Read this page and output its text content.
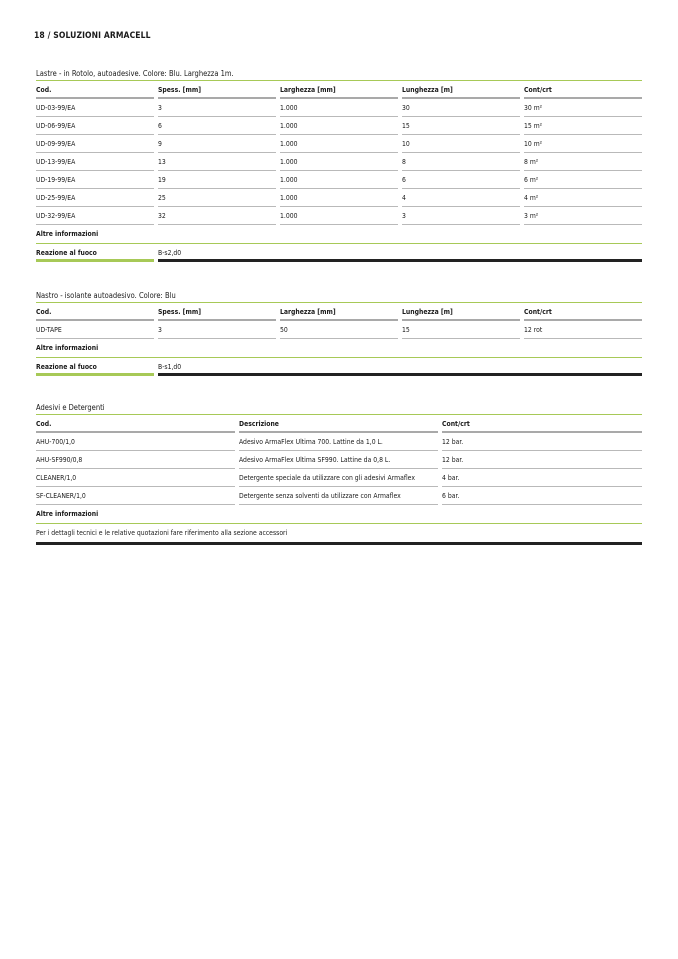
18 / SOLUZIONI ARMACELL
Lastre - in Rotolo, autoadesive. Colore: Blu. Larghezza 1m.
Cod.	Spess. [mm]	Larghezza [mm]	Lunghezza [m]	Cont/crt
UD-03-99/EA	3	1.000	30	30 m²
UD-06-99/EA	6	1.000	15	15 m²
UD-09-99/EA	9	1.000	10	10 m²
UD-13-99/EA	13	1.000	8	8 m²
UD-19-99/EA	19	1.000	6	6 m²
UD-25-99/EA	25	1.000	4	4 m²
UD-32-99/EA	32	1.000	3	3 m²
Altre informazioni
Reazione al fuoco	B-s2,d0
Nastro - isolante autoadesivo. Colore: Blu
Cod.	Spess. [mm]	Larghezza [mm]	Lunghezza [m]	Cont/crt
UD-TAPE	3	50	15	12 rot
Altre informazioni
Reazione al fuoco	B-s1,d0
Adesivi e Detergenti
Cod.	Descrizione	Cont/crt
AHU-700/1,0	Adesivo ArmaFlex Ultima 700. Lattine da 1,0 L.	12 bar.
AHU-SF990/0,8	Adesivo ArmaFlex Ultima SF990. Lattine da 0,8 L.	12 bar.
CLEANER/1,0	Detergente speciale da utilizzare con gli adesivi Armaflex	4 bar.
SF-CLEANER/1,0	Detergente senza solventi da utilizzare con Armaflex	6 bar.
Altre informazioni
Per i dettagli tecnici e le relative quotazioni fare riferimento alla sezione accessori
